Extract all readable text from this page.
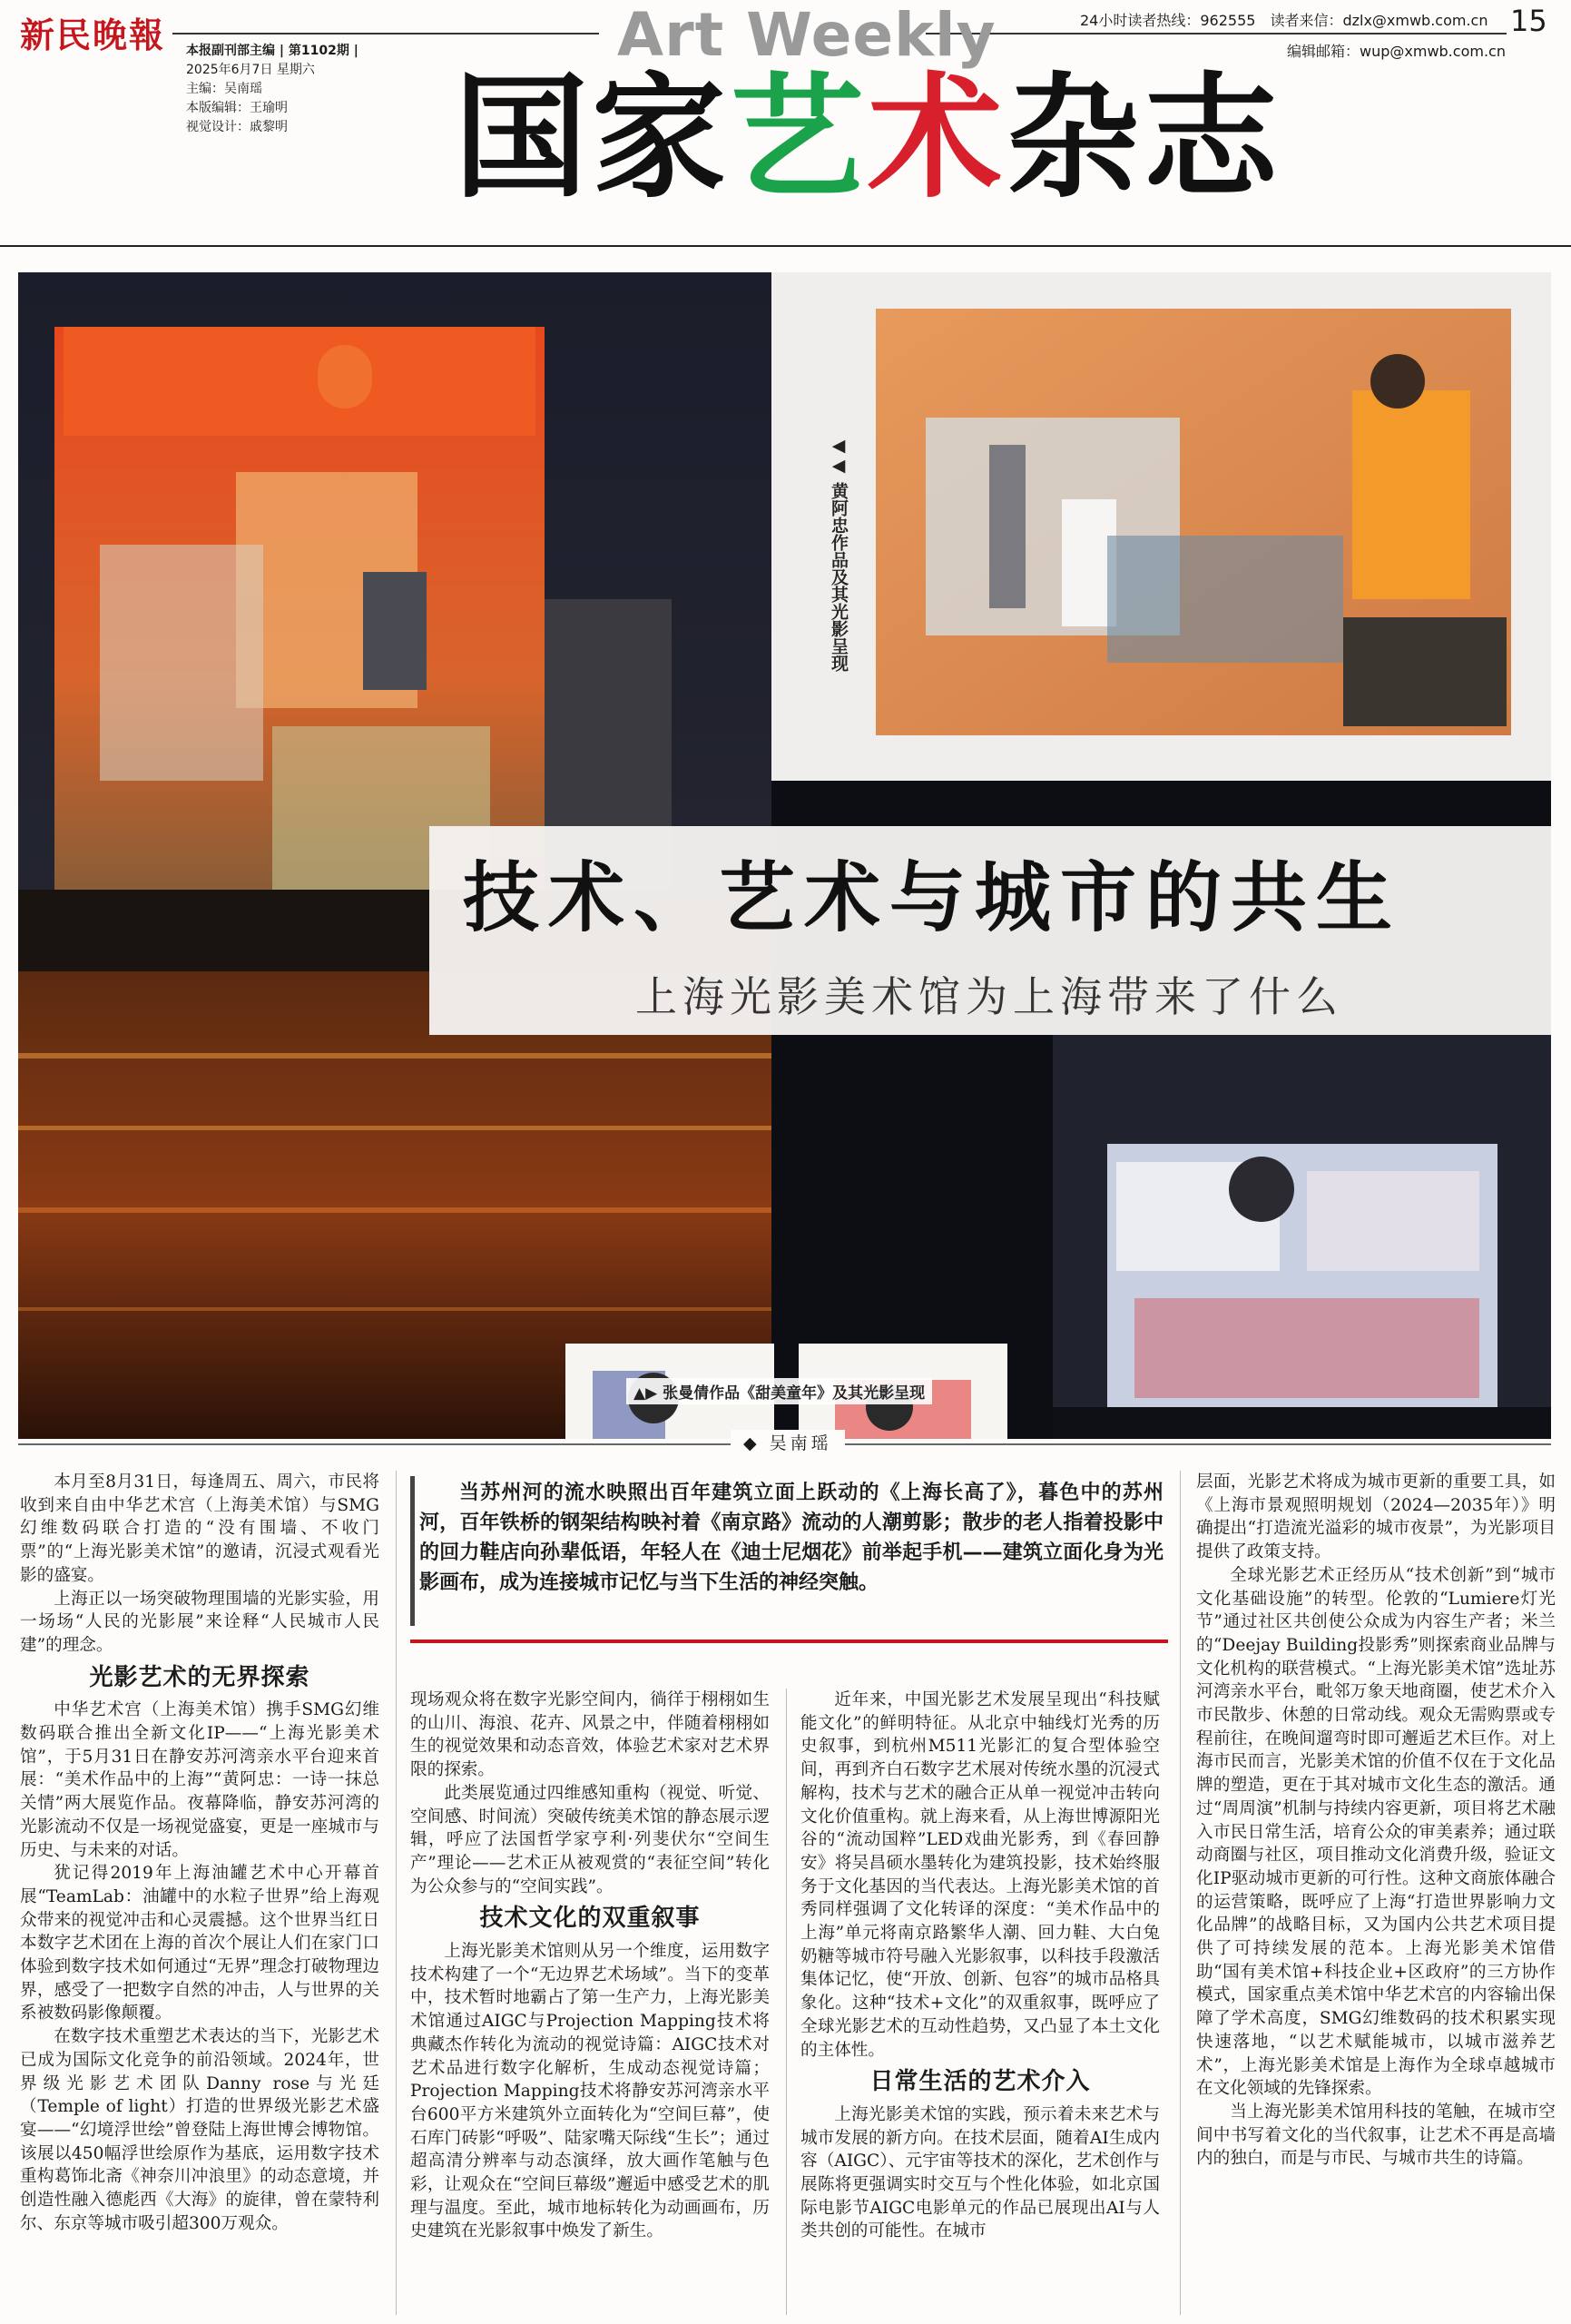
新民晚報 本报副刊部主编 | 第1102期 |
2025年6月7日 星期六
主编：吴南瑶
本版编辑：王瑜明
视觉设计：戚黎明
Art Weekly	24小时读者热线：962555　读者来信：dzlx@xmwb.com.cn
编辑邮箱：wup@xmwb.com.cn
15
国家艺术杂志
◀◀ 黄阿忠作品及其光影呈现
技术、艺术与城市的共生
上海光影美术馆为上海带来了什么
▲▶ 张曼倩作品《甜美童年》及其光影呈现
◆ 吴南瑶
当苏州河的流水映照出百年建筑立面上跃动的《上海长高了》，暮色中的苏州河，百年铁桥的钢架结构映衬着《南京路》流动的人潮剪影；散步的老人指着投影中的回力鞋店向孙辈低语，年轻人在《迪士尼烟花》前举起手机——建筑立面化身为光影画布，成为连接城市记忆与当下生活的神经突触。

本月至8月31日，每逢周五、周六，市民将收到来自由中华艺术宫（上海美术馆）与SMG幻维数码联合打造的“没有围墙、不收门票”的“上海光影美术馆”的邀请，沉浸式观看光影的盛宴。

上海正以一场突破物理围墙的光影实验，用一场场“人民的光影展”来诠释“人民城市人民建”的理念。

光影艺术的无界探索

中华艺术宫（上海美术馆）携手SMG幻维数码联合推出全新文化IP——“上海光影美术馆”，于5月31日在静安苏河湾亲水平台迎来首展：“美术作品中的上海”“黄阿忠：一诗一抹总关情”两大展览作品。夜幕降临，静安苏河湾的光影流动不仅是一场视觉盛宴，更是一座城市与历史、与未来的对话。

犹记得2019年上海油罐艺术中心开幕首展“TeamLab：油罐中的水粒子世界”给上海观众带来的视觉冲击和心灵震撼。这个世界当红日本数字艺术团在上海的首次个展让人们在家门口体验到数字技术如何通过“无界”理念打破物理边界，感受了一把数字自然的冲击，人与世界的关系被数码影像颠覆。

在数字技术重塑艺术表达的当下，光影艺术已成为国际文化竞争的前沿领域。2024年，世界级光影艺术团队Danny rose与光廷（Temple of light）打造的世界级光影艺术盛宴——“幻境浮世绘”曾登陆上海世博会博物馆。该展以450幅浮世绘原作为基底，运用数字技术重构葛饰北斋《神奈川冲浪里》的动态意境，并创造性融入德彪西《大海》的旋律，曾在蒙特利尔、东京等城市吸引超300万观众。

现场观众将在数字光影空间内，徜徉于栩栩如生的山川、海浪、花卉、风景之中，伴随着栩栩如生的视觉效果和动态音效，体验艺术家对艺术界限的探索。

此类展览通过四维感知重构（视觉、听觉、空间感、时间流）突破传统美术馆的静态展示逻辑，呼应了法国哲学家亨利·列斐伏尔“空间生产”理论——艺术正从被观赏的“表征空间”转化为公众参与的“空间实践”。

技术文化的双重叙事

上海光影美术馆则从另一个维度，运用数字技术构建了一个“无边界艺术场域”。当下的变革中，技术暂时地霸占了第一生产力，上海光影美术馆通过AIGC与Projection Mapping技术将典藏杰作转化为流动的视觉诗篇：AIGC技术对艺术品进行数字化解析，生成动态视觉诗篇；Projection Mapping技术将静安苏河湾亲水平台600平方米建筑外立面转化为“空间巨幕”，使石库门砖影“呼吸”、陆家嘴天际线“生长”；通过超高清分辨率与动态演绎，放大画作笔触与色彩，让观众在“空间巨幕级”邂逅中感受艺术的肌理与温度。至此，城市地标转化为动画画布，历史建筑在光影叙事中焕发了新生。

近年来，中国光影艺术发展呈现出“科技赋能文化”的鲜明特征。从北京中轴线灯光秀的历史叙事，到杭州M511光影汇的复合型体验空间，再到齐白石数字艺术展对传统水墨的沉浸式解构，技术与艺术的融合正从单一视觉冲击转向文化价值重构。就上海来看，从上海世博源阳光谷的“流动国粹”LED戏曲光影秀，到《春回静安》将吴昌硕水墨转化为建筑投影，技术始终服务于文化基因的当代表达。上海光影美术馆的首秀同样强调了文化转译的深度：“美术作品中的上海”单元将南京路繁华人潮、回力鞋、大白兔奶糖等城市符号融入光影叙事，以科技手段激活集体记忆，使“开放、创新、包容”的城市品格具象化。这种“技术+文化”的双重叙事，既呼应了全球光影艺术的互动性趋势，又凸显了本土文化的主体性。

日常生活的艺术介入

上海光影美术馆的实践，预示着未来艺术与城市发展的新方向。在技术层面，随着AI生成内容（AIGC）、元宇宙等技术的深化，艺术创作与展陈将更强调实时交互与个性化体验，如北京国际电影节AIGC电影单元的作品已展现出AI与人类共创的可能性。在城市

层面，光影艺术将成为城市更新的重要工具，如《上海市景观照明规划（2024—2035年）》明确提出“打造流光溢彩的城市夜景”，为光影项目提供了政策支持。

全球光影艺术正经历从“技术创新”到“城市文化基础设施”的转型。伦敦的“Lumiere灯光节”通过社区共创使公众成为内容生产者；米兰的“Deejay Building投影秀”则探索商业品牌与文化机构的联营模式。“上海光影美术馆”选址苏河湾亲水平台，毗邻万象天地商圈，使艺术介入市民散步、休憩的日常动线。观众无需购票或专程前往，在晚间遛弯时即可邂逅艺术巨作。对上海市民而言，光影美术馆的价值不仅在于文化品牌的塑造，更在于其对城市文化生态的激活。通过“周周演”机制与持续内容更新，项目将艺术融入市民日常生活，培育公众的审美素养；通过联动商圈与社区，项目推动文化消费升级，验证文化IP驱动城市更新的可行性。这种文商旅体融合的运营策略，既呼应了上海“打造世界影响力文化品牌”的战略目标，又为国内公共艺术项目提供了可持续发展的范本。上海光影美术馆借助“国有美术馆+科技企业+区政府”的三方协作模式，国家重点美术馆中华艺术宫的内容输出保障了学术高度，SMG幻维数码的技术积累实现快速落地，“以艺术赋能城市，以城市滋养艺术”，上海光影美术馆是上海作为全球卓越城市在文化领域的先锋探索。

当上海光影美术馆用科技的笔触，在城市空间中书写着文化的当代叙事，让艺术不再是高墙内的独白，而是与市民、与城市共生的诗篇。
